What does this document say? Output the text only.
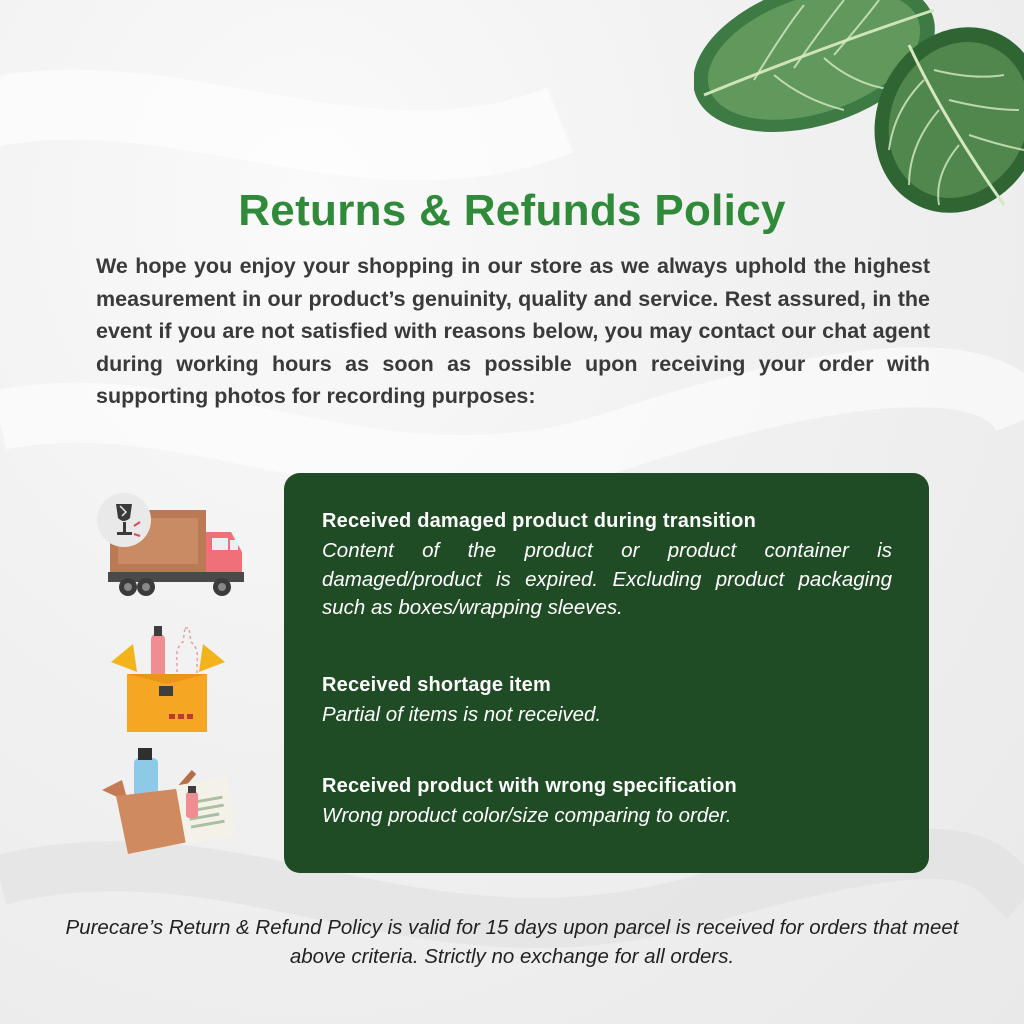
Returns & Refunds Policy

We hope you enjoy your shopping in our store as we always uphold the highest measurement in our product’s genuinity, quality and service. Rest assured, in the event if you are not satisfied with reasons below, you may contact our chat agent during working hours as soon as possible upon receiving your order with supporting photos for recording purposes:

Received damaged product during transition

Content of the product or product container is damaged/product is expired. Excluding product packaging such as boxes/wrapping sleeves.

Received shortage item

Partial of items is not received.

Received product with wrong specification

Wrong product color/size comparing to order.

Purecare’s Return & Refund Policy is valid for 15 days upon parcel is received for orders that meet above criteria. Strictly no exchange for all orders.
